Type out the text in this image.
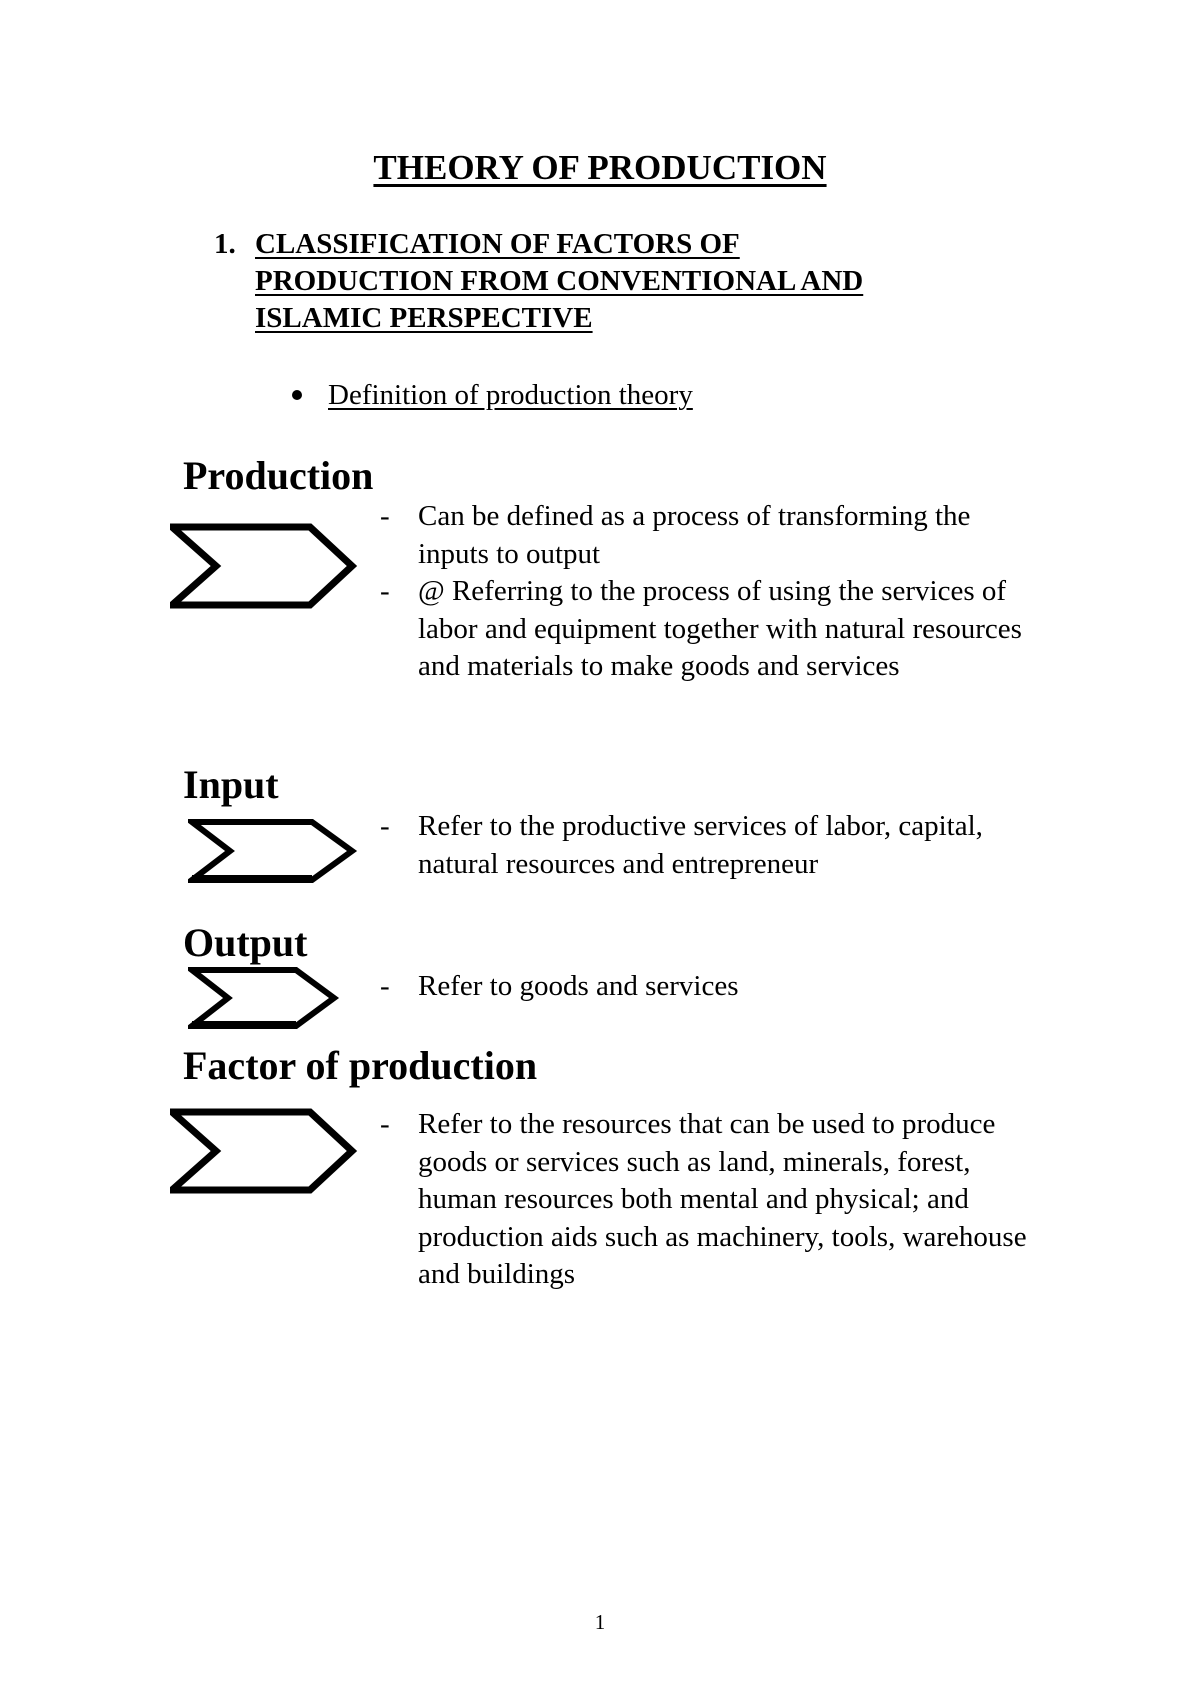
THEORY OF PRODUCTION
1. CLASSIFICATION OF FACTORS OF
PRODUCTION FROM CONVENTIONAL AND
ISLAMIC PERSPECTIVE
Definition of production theory
Production
- Can be defined as a process of transforming the inputs to output
- @ Referring to the process of using the services of labor and equipment together with natural resources and materials to make goods and services
Input
- Refer to the productive services of labor, capital, natural resources and entrepreneur
Output
- Refer to goods and services
Factor of production
- Refer to the resources that can be used to produce goods or services such as land, minerals, forest, human resources both mental and physical; and production aids such as machinery, tools, warehouse and buildings
1
